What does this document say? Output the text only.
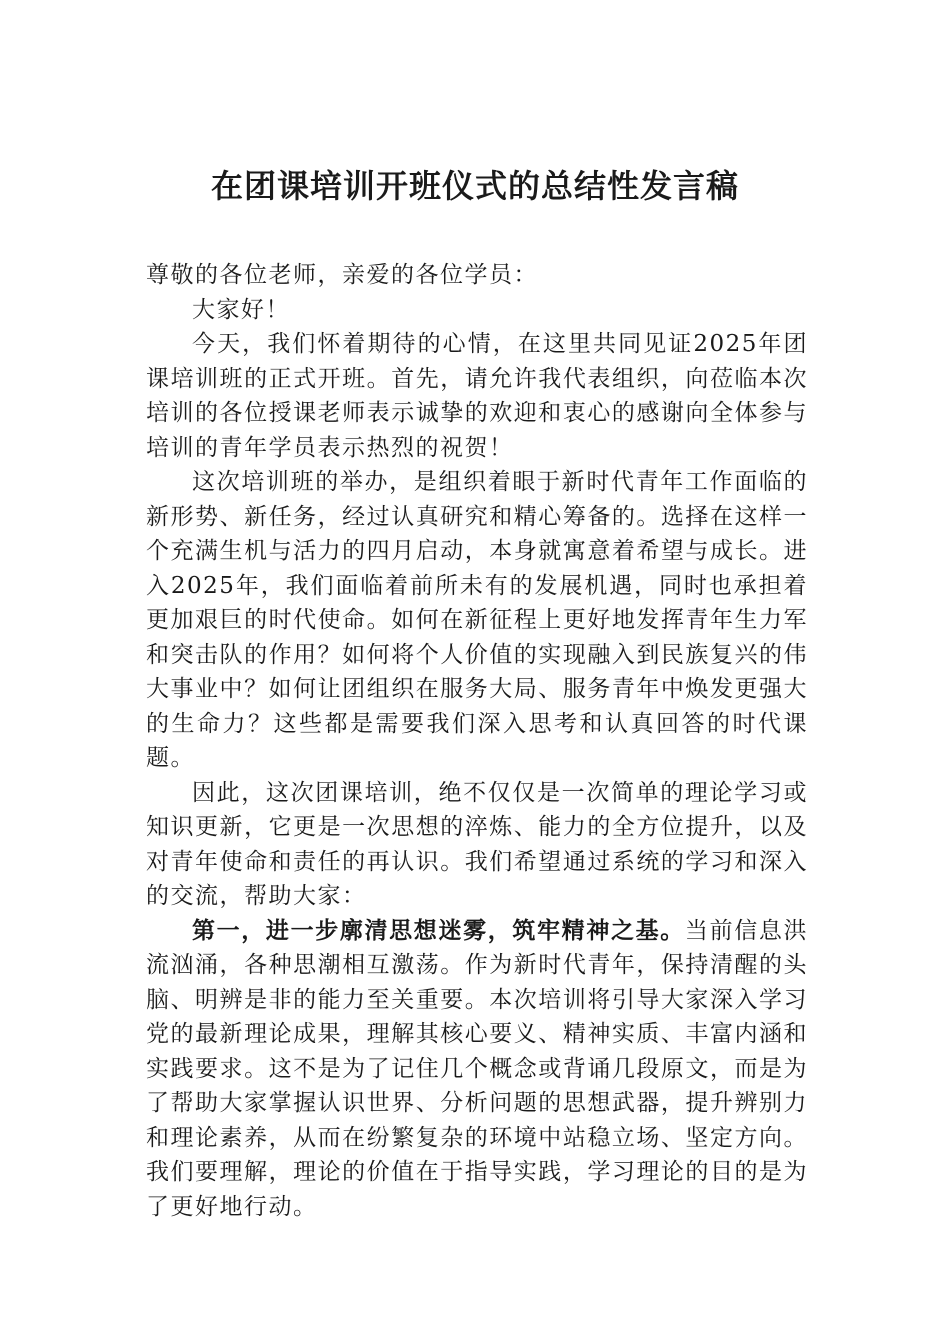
在团课培训开班仪式的总结性发言稿

尊敬的各位老师，亲爱的各位学员：

大家好！

今天，我们怀着期待的心情，在这里共同见证2025年团课培训班的正式开班。首先，请允许我代表组织，向莅临本次培训的各位授课老师表示诚挚的欢迎和衷心的感谢向全体参与培训的青年学员表示热烈的祝贺！

这次培训班的举办，是组织着眼于新时代青年工作面临的新形势、新任务，经过认真研究和精心筹备的。选择在这样一个充满生机与活力的四月启动，本身就寓意着希望与成长。进入2025年，我们面临着前所未有的发展机遇，同时也承担着更加艰巨的时代使命。如何在新征程上更好地发挥青年生力军和突击队的作用？如何将个人价值的实现融入到民族复兴的伟大事业中？如何让团组织在服务大局、服务青年中焕发更强大的生命力？这些都是需要我们深入思考和认真回答的时代课题。

因此，这次团课培训，绝不仅仅是一次简单的理论学习或知识更新，它更是一次思想的淬炼、能力的全方位提升，以及对青年使命和责任的再认识。我们希望通过系统的学习和深入的交流，帮助大家：

第一，进一步廓清思想迷雾，筑牢精神之基。当前信息洪流汹涌，各种思潮相互激荡。作为新时代青年，保持清醒的头脑、明辨是非的能力至关重要。本次培训将引导大家深入学习党的最新理论成果，理解其核心要义、精神实质、丰富内涵和实践要求。这不是为了记住几个概念或背诵几段原文，而是为了帮助大家掌握认识世界、分析问题的思想武器，提升辨别力和理论素养，从而在纷繁复杂的环境中站稳立场、坚定方向。我们要理解，理论的价值在于指导实践，学习理论的目的是为了更好地行动。
